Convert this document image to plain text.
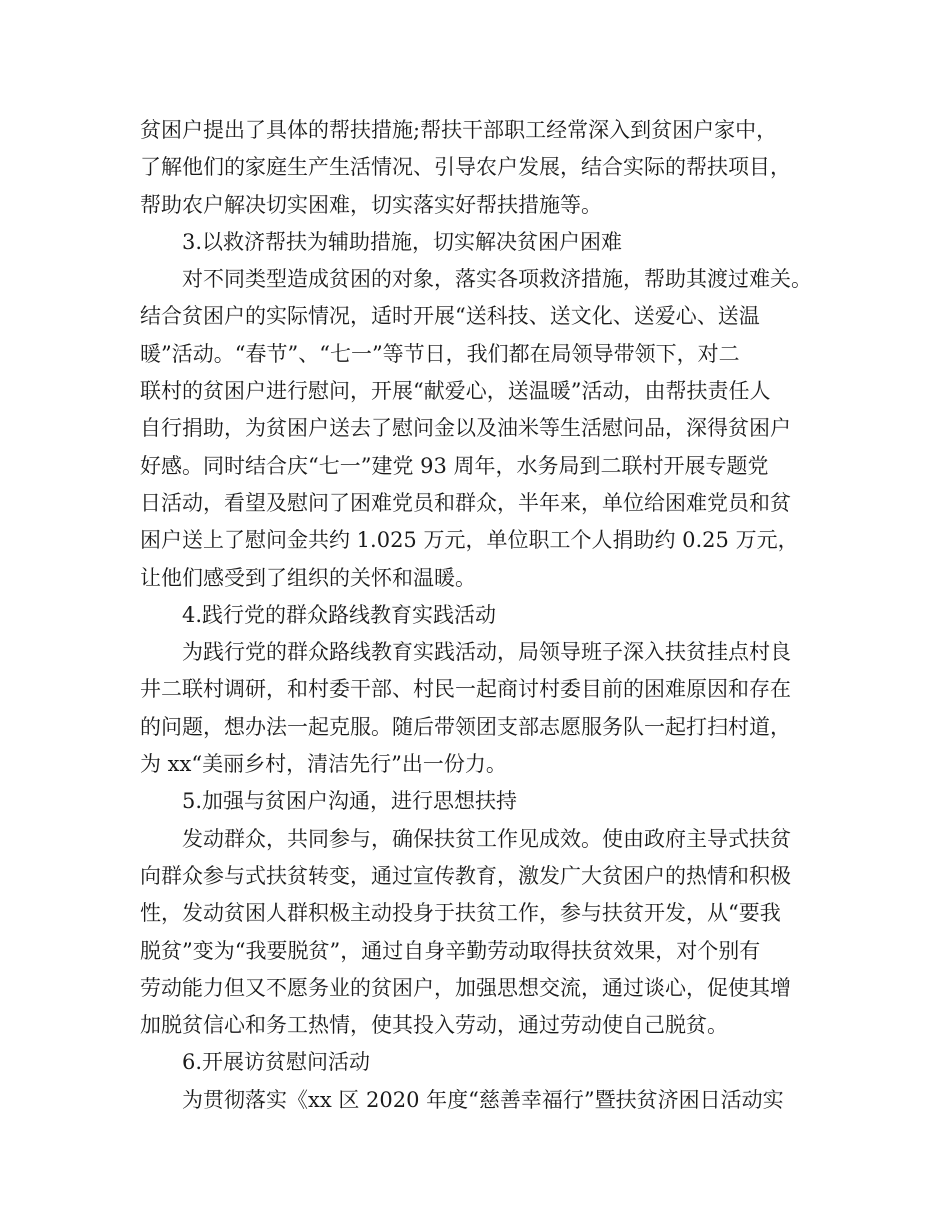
贫困户提出了具体的帮扶措施;帮扶干部职工经常深入到贫困户家中，
了解他们的家庭生产生活情况、引导农户发展，结合实际的帮扶项目，
帮助农户解决切实困难，切实落实好帮扶措施等。
3.以救济帮扶为辅助措施，切实解决贫困户困难
对不同类型造成贫困的对象，落实各项救济措施，帮助其渡过难关。
结合贫困户的实际情况，适时开展“送科技、送文化、送爱心、送温
暖”活动。“春节”、“七一”等节日，我们都在局领导带领下，对二
联村的贫困户进行慰问，开展“献爱心，送温暖”活动，由帮扶责任人
自行捐助，为贫困户送去了慰问金以及油米等生活慰问品，深得贫困户
好感。同时结合庆“七一”建党 93 周年，水务局到二联村开展专题党
日活动，看望及慰问了困难党员和群众，半年来，单位给困难党员和贫
困户送上了慰问金共约 1.025 万元，单位职工个人捐助约 0.25 万元，
让他们感受到了组织的关怀和温暖。
4.践行党的群众路线教育实践活动
为践行党的群众路线教育实践活动，局领导班子深入扶贫挂点村良
井二联村调研，和村委干部、村民一起商讨村委目前的困难原因和存在
的问题，想办法一起克服。随后带领团支部志愿服务队一起打扫村道，
为 xx“美丽乡村，清洁先行”出一份力。
5.加强与贫困户沟通，进行思想扶持
发动群众，共同参与，确保扶贫工作见成效。使由政府主导式扶贫
向群众参与式扶贫转变，通过宣传教育，激发广大贫困户的热情和积极
性，发动贫困人群积极主动投身于扶贫工作，参与扶贫开发，从“要我
脱贫”变为“我要脱贫”，通过自身辛勤劳动取得扶贫效果，对个别有
劳动能力但又不愿务业的贫困户，加强思想交流，通过谈心，促使其增
加脱贫信心和务工热情，使其投入劳动，通过劳动使自己脱贫。
6.开展访贫慰问活动
为贯彻落实《xx 区 2020 年度“慈善幸福行”暨扶贫济困日活动实
